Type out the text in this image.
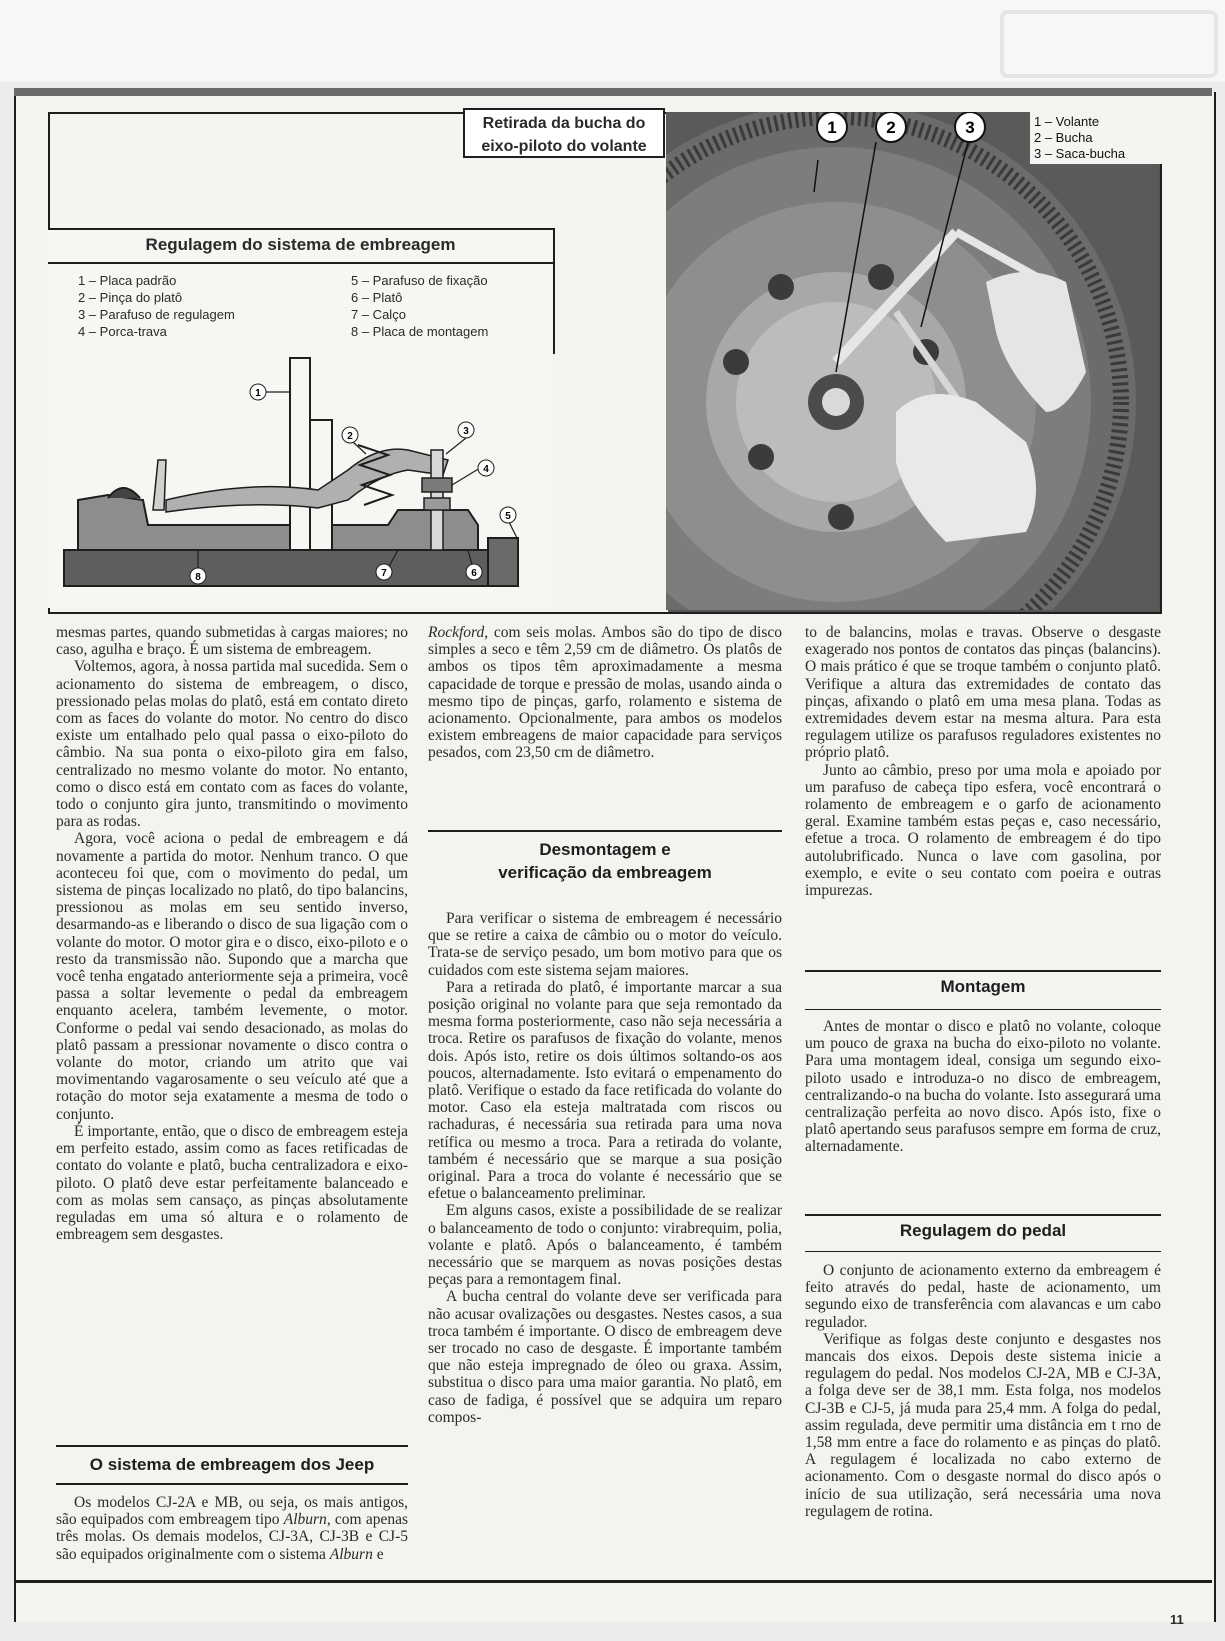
1	2	3
Retirada da bucha do
eixo-piloto do volante
1 – Volante
2 – Bucha
3 – Saca-bucha
Regulagem do sistema de embreagem
1 – Placa padrão
2 – Pinça do platô
3 – Parafuso de regulagem
4 – Porca-trava
5 – Parafuso de fixação
6 – Platô
7 – Calço
8 – Placa de montagem
1
2	3
4
5
6
7
8

mesmas partes, quando submetidas à cargas maiores; no caso, agulha e braço. É um sistema de embreagem.

Voltemos, agora, à nossa partida mal sucedida. Sem o acionamento do sistema de embreagem, o disco, pressionado pelas molas do platô, está em contato direto com as faces do volante do motor. No centro do disco existe um entalhado pelo qual passa o eixo-piloto do câmbio. Na sua ponta o eixo-piloto gira em falso, centralizado no mesmo volante do motor. No entanto, como o disco está em contato com as faces do volante, todo o conjunto gira junto, transmitindo o movimento para as rodas.

Agora, você aciona o pedal de embreagem e dá novamente a partida do motor. Nenhum tranco. O que aconteceu foi que, com o movimento do pedal, um sistema de pinças localizado no platô, do tipo balancins, pressionou as molas em seu sentido inverso, desarmando-as e liberando o disco de sua ligação com o volante do motor. O motor gira e o disco, eixo-piloto e o resto da transmissão não. Supondo que a marcha que você tenha engatado anteriormente seja a primeira, você passa a soltar levemente o pedal da embreagem enquanto acelera, também levemente, o motor. Conforme o pedal vai sendo desacionado, as molas do platô passam a pressionar novamente o disco contra o volante do motor, criando um atrito que vai movimentando vagarosamente o seu veículo até que a rotação do motor seja exatamente a mesma de todo o conjunto.

É importante, então, que o disco de embreagem esteja em perfeito estado, assim como as faces retificadas de contato do volante e platô, bucha centralizadora e eixo-piloto. O platô deve estar perfeitamente balanceado e com as molas sem cansaço, as pinças absolutamente reguladas em uma só altura e o rolamento de embreagem sem desgastes.

O sistema de embreagem dos Jeep

Os modelos CJ-2A e MB, ou seja, os mais antigos, são equipados com embreagem tipo Alburn, com apenas três molas. Os demais modelos, CJ-3A, CJ-3B e CJ-5 são equipados originalmente com o sistema Alburn e

Rockford, com seis molas. Ambos são do tipo de disco simples a seco e têm 2,59 cm de diâmetro. Os platôs de ambos os tipos têm aproximadamente a mesma capacidade de torque e pressão de molas, usando ainda o mesmo tipo de pinças, garfo, rolamento e sistema de acionamento. Opcionalmente, para ambos os modelos existem embreagens de maior capacidade para serviços pesados, com 23,50 cm de diâmetro.

Desmontagem e
verificação da embreagem

Para verificar o sistema de embreagem é necessário que se retire a caixa de câmbio ou o motor do veículo. Trata-se de serviço pesado, um bom motivo para que os cuidados com este sistema sejam maiores.

Para a retirada do platô, é importante marcar a sua posição original no volante para que seja remontado da mesma forma posteriormente, caso não seja necessária a troca. Retire os parafusos de fixação do volante, menos dois. Após isto, retire os dois últimos soltando-os aos poucos, alternadamente. Isto evitará o empenamento do platô. Verifique o estado da face retificada do volante do motor. Caso ela esteja maltratada com riscos ou rachaduras, é necessária sua retirada para uma nova retífica ou mesmo a troca. Para a retirada do volante, também é necessário que se marque a sua posição original. Para a troca do volante é necessário que se efetue o balanceamento preliminar.

Em alguns casos, existe a possibilidade de se realizar o balanceamento de todo o conjunto: virabrequim, polia, volante e platô. Após o balanceamento, é também necessário que se marquem as novas posições destas peças para a remontagem final.

A bucha central do volante deve ser verificada para não acusar ovalizações ou desgastes. Nestes casos, a sua troca também é importante. O disco de embreagem deve ser trocado no caso de desgaste. É importante também que não esteja impregnado de óleo ou graxa. Assim, substitua o disco para uma maior garantia. No platô, em caso de fadiga, é possível que se adquira um reparo compos-

to de balancins, molas e travas. Observe o desgaste exagerado nos pontos de contatos das pinças (balancins). O mais prático é que se troque também o conjunto platô. Verifique a altura das extremidades de contato das pinças, afixando o platô em uma mesa plana. Todas as extremidades devem estar na mesma altura. Para esta regulagem utilize os parafusos reguladores existentes no próprio platô.

Junto ao câmbio, preso por uma mola e apoiado por um parafuso de cabeça tipo esfera, você encontrará o rolamento de embreagem e o garfo de acionamento geral. Examine também estas peças e, caso necessário, efetue a troca. O rolamento de embreagem é do tipo autolubrificado. Nunca o lave com gasolina, por exemplo, e evite o seu contato com poeira e outras impurezas.

Montagem

Antes de montar o disco e platô no volante, coloque um pouco de graxa na bucha do eixo-piloto no volante. Para uma montagem ideal, consiga um segundo eixo-piloto usado e introduza-o no disco de embreagem, centralizando-o na bucha do volante. Isto assegurará uma centralização perfeita ao novo disco. Após isto, fixe o platô apertando seus parafusos sempre em forma de cruz, alternadamente.

Regulagem do pedal

O conjunto de acionamento externo da embreagem é feito através do pedal, haste de acionamento, um segundo eixo de transferência com alavancas e um cabo regulador.

Verifique as folgas deste conjunto e desgastes nos mancais dos eixos. Depois deste sistema inicie a regulagem do pedal. Nos modelos CJ-2A, MB e CJ-3A, a folga deve ser de 38,1 mm. Esta folga, nos modelos CJ-3B e CJ-5, já muda para 25,4 mm. A folga do pedal, assim regulada, deve permitir uma distância em t rno de 1,58 mm entre a face do rolamento e as pinças do platô. A regulagem é localizada no cabo externo de acionamento. Com o desgaste normal do disco após o início de sua utilização, será necessária uma nova regulagem de rotina.

11
